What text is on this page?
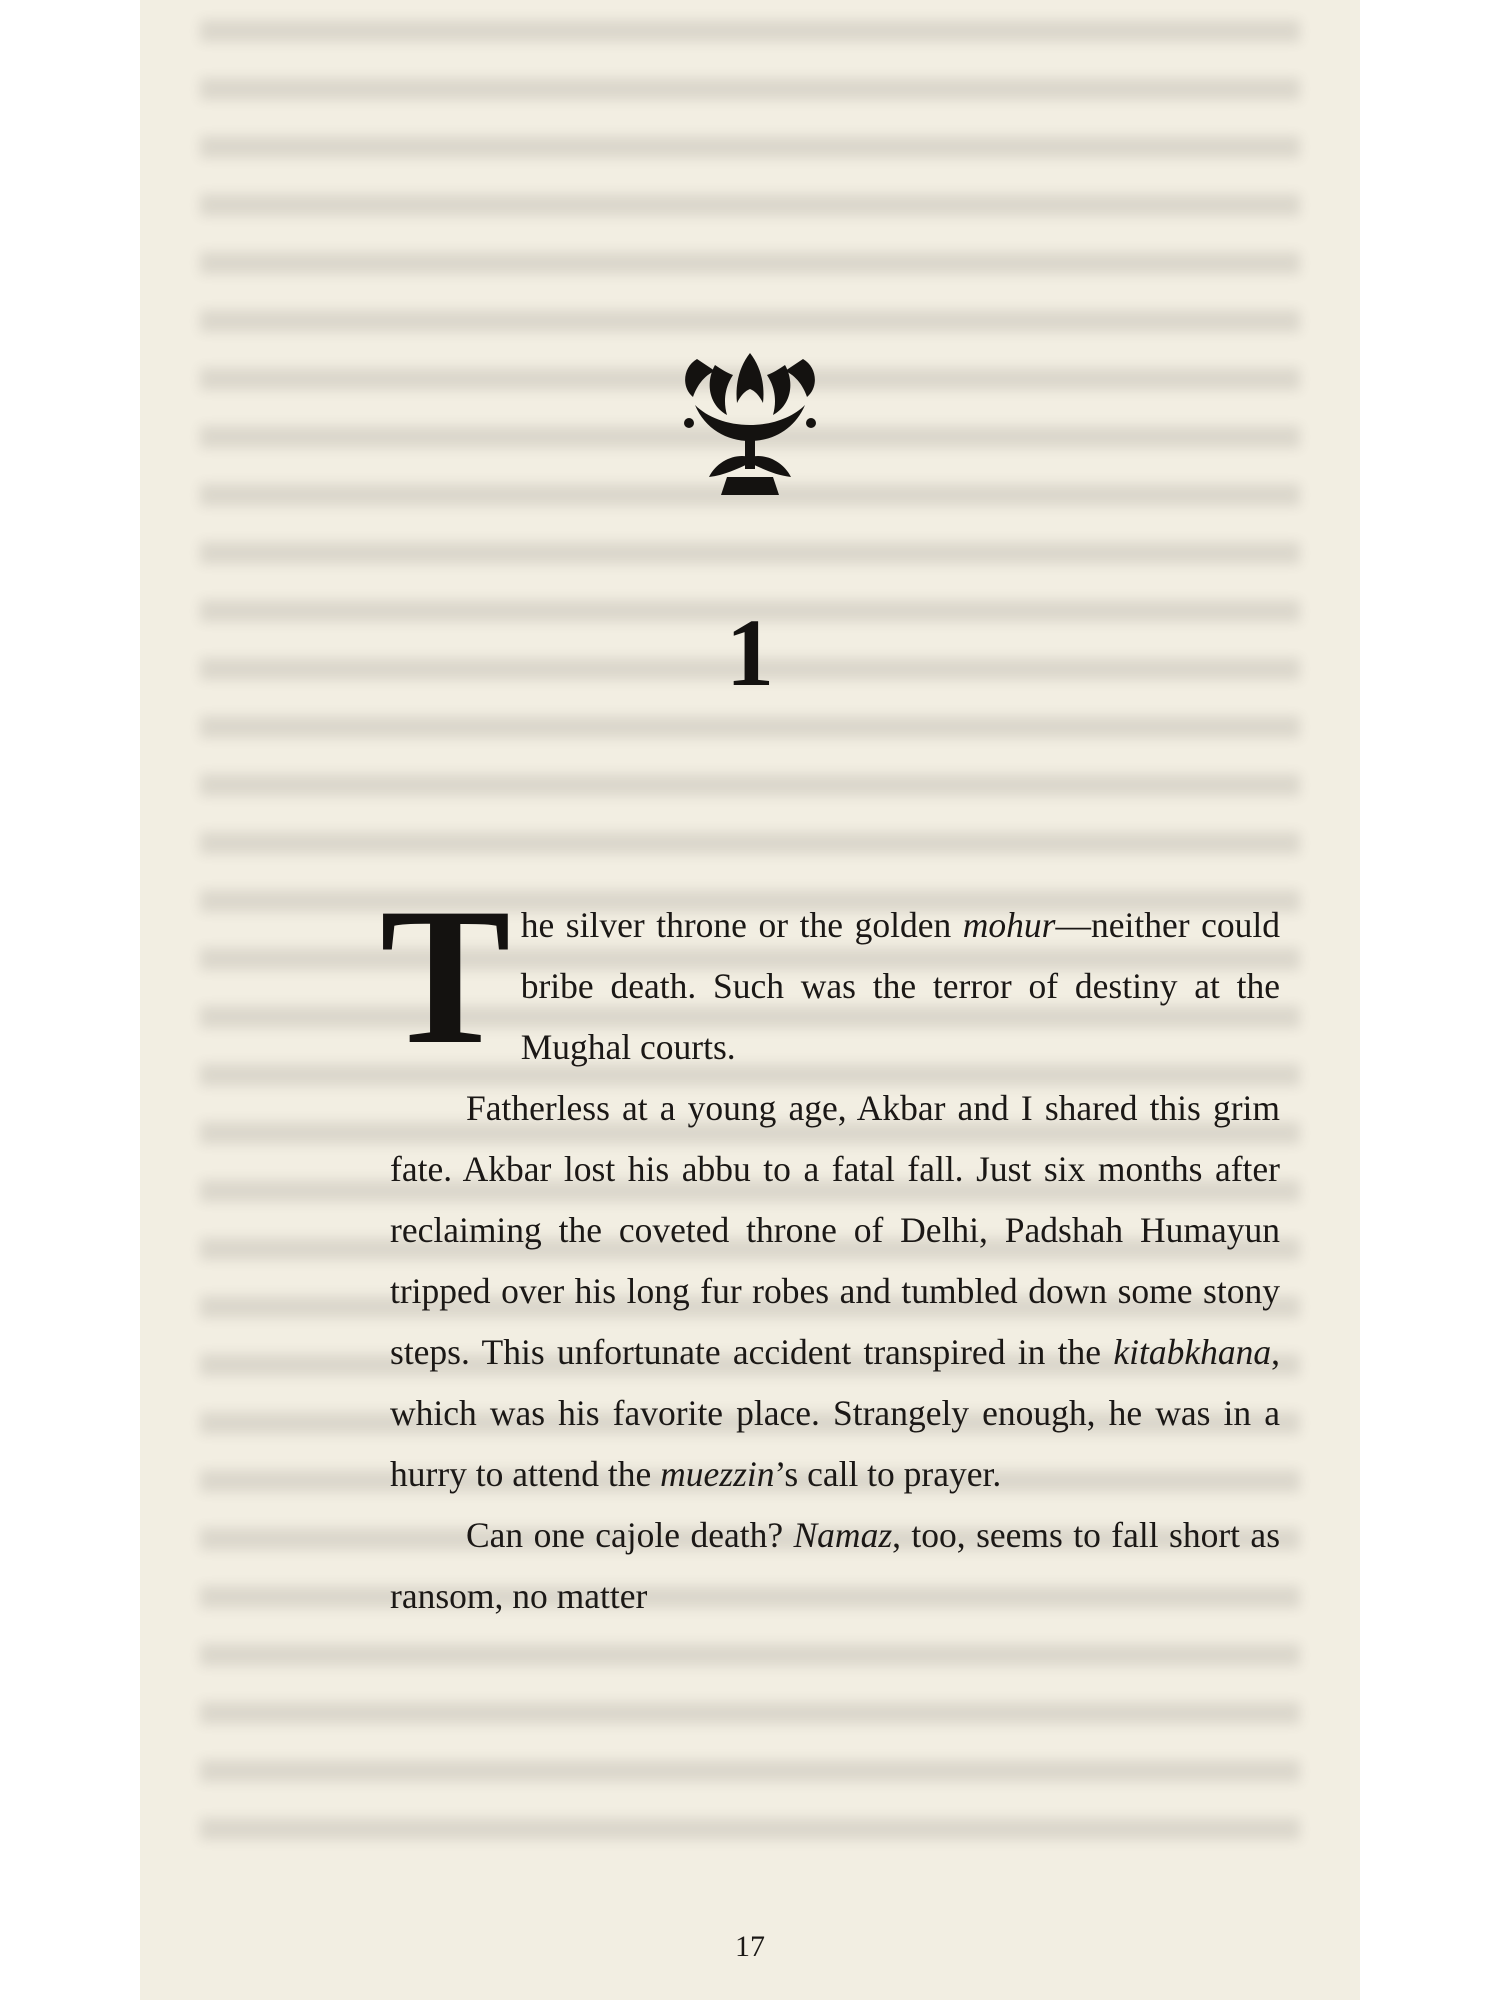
1

The silver throne or the golden mohur—neither could bribe death. Such was the terror of destiny at the Mughal courts.

Fatherless at a young age, Akbar and I shared this grim fate. Akbar lost his abbu to a fatal fall. Just six months after reclaiming the coveted throne of Delhi, Padshah Humayun tripped over his long fur robes and tumbled down some stony steps. This unfortunate accident transpired in the kitabkhana, which was his favorite place. Strangely enough, he was in a hurry to attend the muezzin’s call to prayer.

Can one cajole death? Namaz, too, seems to fall short as ransom, no matter

17
